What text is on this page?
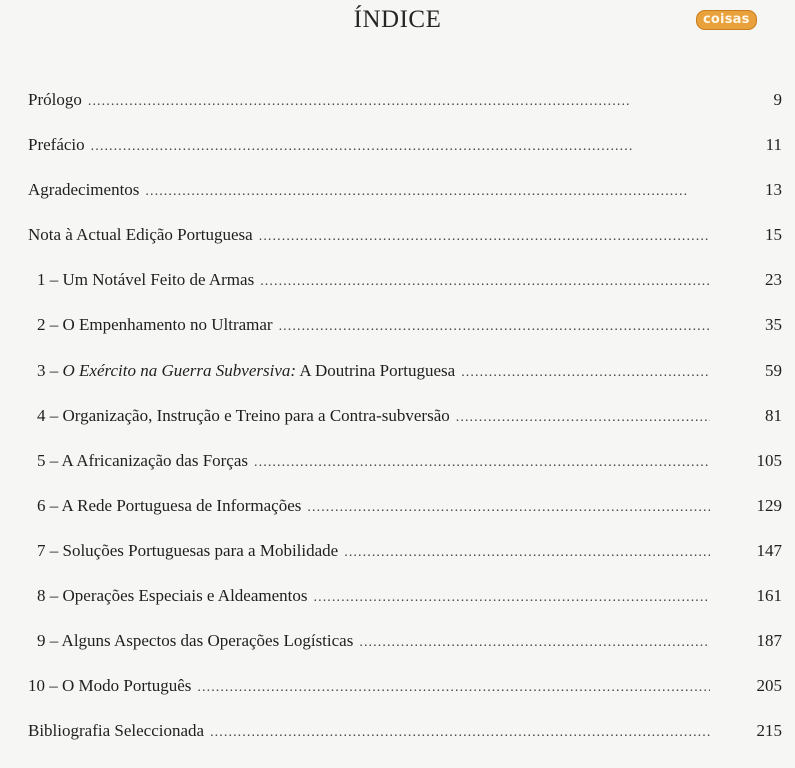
ÍNDICE	coisas
Prólogo . . .	9
Prefácio . . .	11
Agradecimentos . . .	13
Nota à Actual Edição Portuguesa . . .	15
1 – Um Notável Feito de Armas . . .	23
2 – O Empenhamento no Ultramar . . .	35
3 – O Exército na Guerra Subversiva: A Doutrina Portuguesa . . .	59
4 – Organização, Instrução e Treino para a Contra-subversão . . .	81
5 – A Africanização das Forças . . .	105
6 – A Rede Portuguesa de Informações . . .	129
7 – Soluções Portuguesas para a Mobilidade . . .	147
8 – Operações Especiais e Aldeamentos . . .	161
9 – Alguns Aspectos das Operações Logísticas . . .	187
10 – O Modo Português . . .	205
Bibliografia Seleccionada . . .	215
